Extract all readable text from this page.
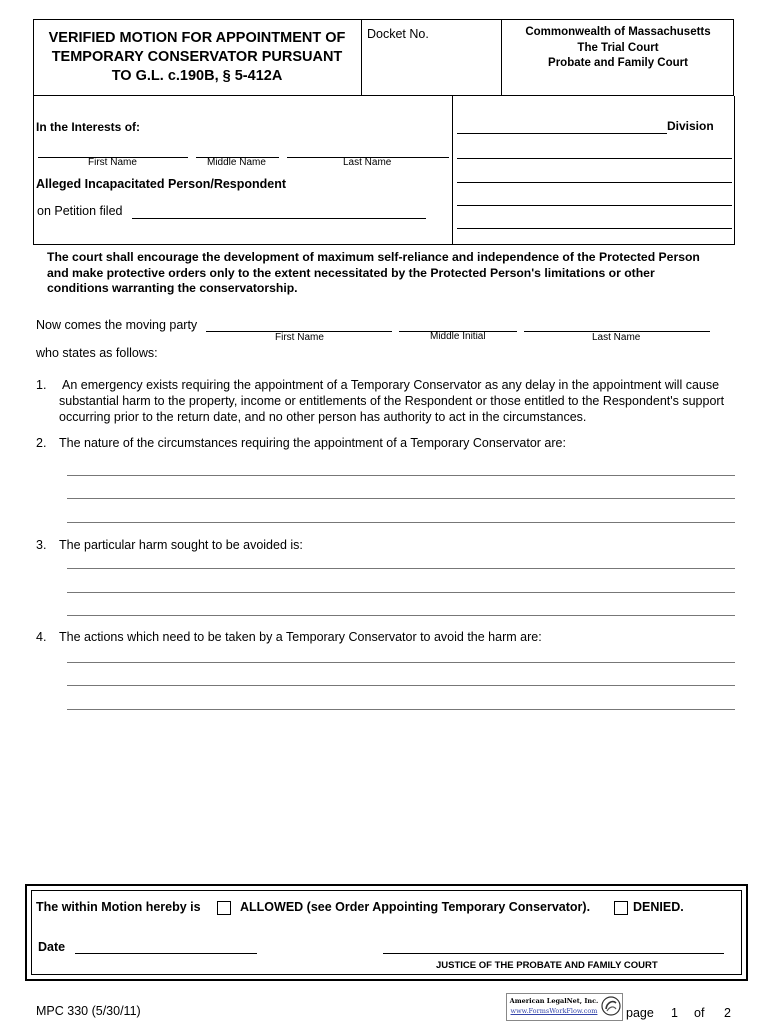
VERIFIED MOTION FOR APPOINTMENT OF
TEMPORARY CONSERVATOR PURSUANT
TO G.L. c.190B, § 5-412A
Docket No.	Commonwealth of Massachusetts
The Trial Court
Probate and Family Court
In the Interests of:
First Name	Middle Name	Last Name
Alleged Incapacitated Person/Respondent
on Petition filed
Division
The court shall encourage the development of maximum self-reliance and independence of the Protected Person
and make protective orders only to the extent necessitated by the Protected Person's limitations or other
conditions warranting the conservatorship.
Now comes the moving party
First Name	Middle Initial	Last Name
who states as follows:
1. An emergency exists requiring the appointment of a Temporary Conservator as any delay in the appointment will cause
substantial harm to the property, income or entitlements of the Respondent or those entitled to the Respondent's support
occurring prior to the return date, and no other person has authority to act in the circumstances.
2. The nature of the circumstances requiring the appointment of a Temporary Conservator are:
3. The particular harm sought to be avoided is:
4. The actions which need to be taken by a Temporary Conservator to avoid the harm are:
The within Motion hereby is	ALLOWED (see Order Appointing Temporary Conservator).	DENIED.
Date
JUSTICE OF THE PROBATE AND FAMILY COURT
MPC 330 (5/30/11)
American LegalNet, Inc.
www.FormsWorkFlow.com page 1 of 2
